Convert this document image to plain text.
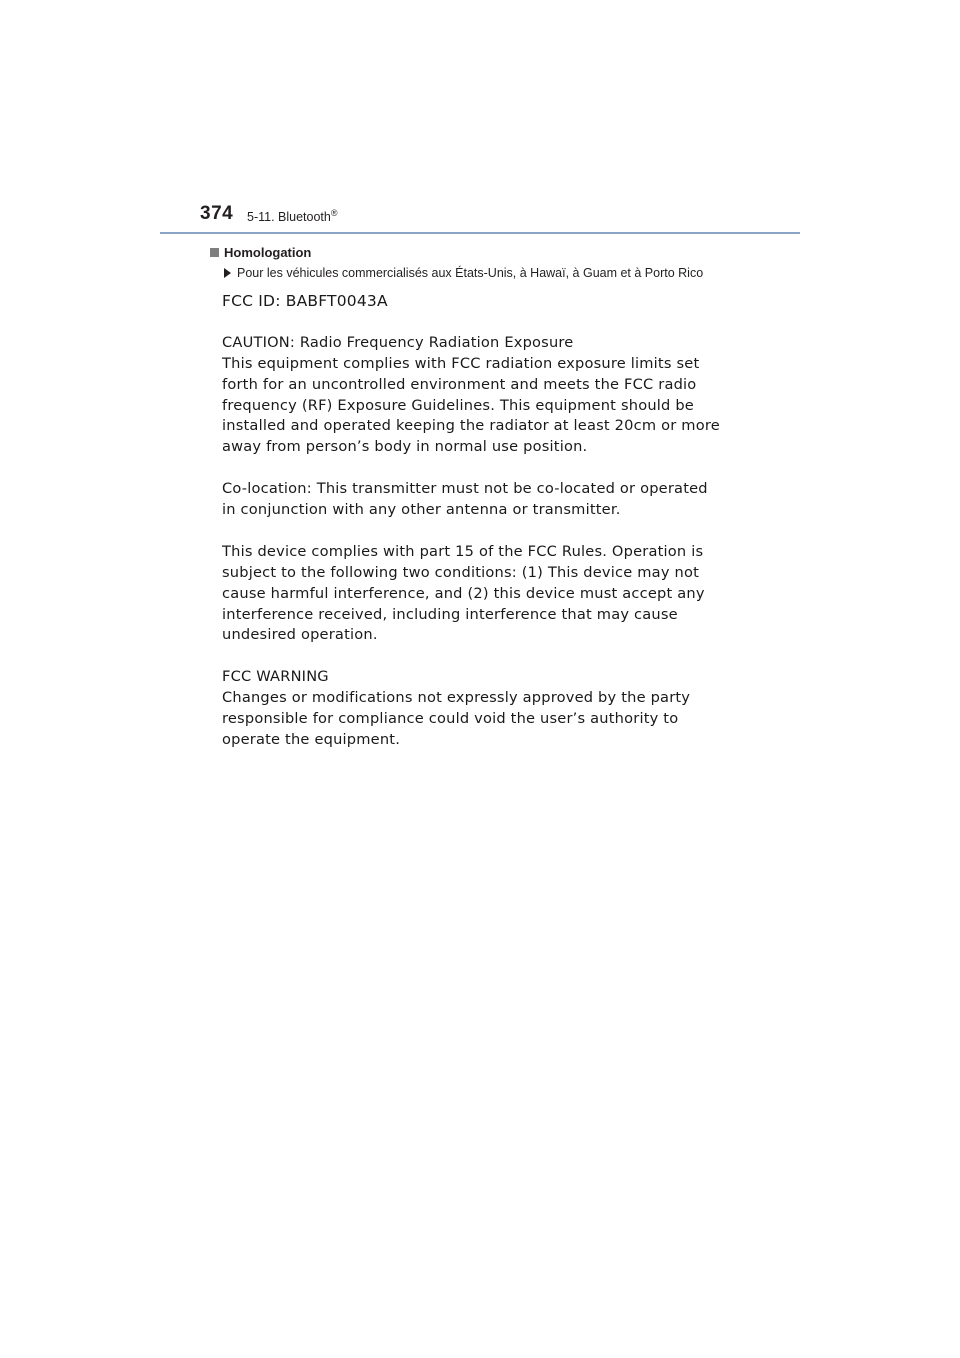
374 5-11. Bluetooth®
Homologation
Pour les véhicules commercialisés aux États-Unis, à Hawaï, à Guam et à Porto Rico
FCC ID: BABFT0043A
CAUTION: Radio Frequency Radiation Exposure
This equipment complies with FCC radiation exposure limits set
forth for an uncontrolled environment and meets the FCC radio
frequency (RF) Exposure Guidelines. This equipment should be
installed and operated keeping the radiator at least 20cm or more
away from person’s body in normal use position.
Co-location: This transmitter must not be co-located or operated
in conjunction with any other antenna or transmitter.
This device complies with part 15 of the FCC Rules. Operation is
subject to the following two conditions: (1) This device may not
cause harmful interference, and (2) this device must accept any
interference received, including interference that may cause
undesired operation.
FCC WARNING
Changes or modifications not expressly approved by the party
responsible for compliance could void the user’s authority to
operate the equipment.
